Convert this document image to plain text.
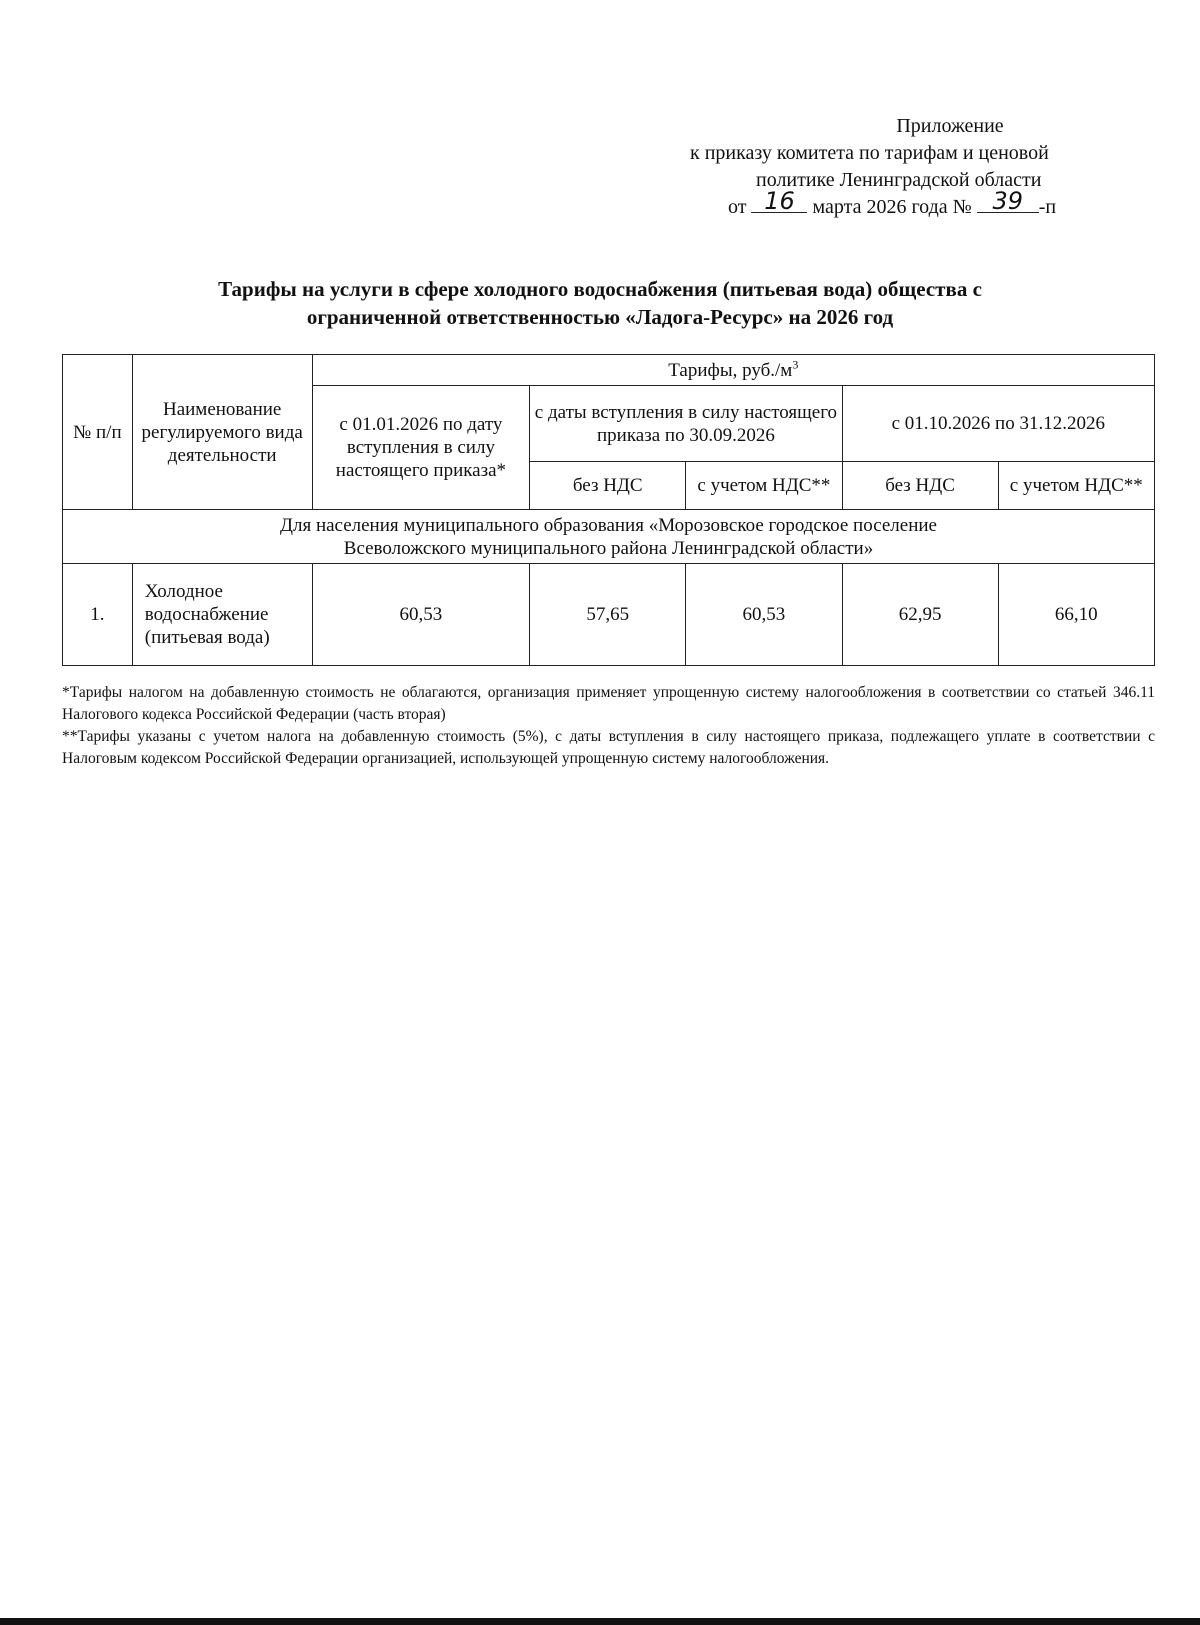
Приложение
к приказу комитета по тарифам и ценовой
политике Ленинградской области
от 16 марта 2026 года № 39 -п
Тарифы на услуги в сфере холодного водоснабжения (питьевая вода) общества с
ограниченной ответственностью «Ладога-Ресурс» на 2026 год
№ п/п	Наименование регулируемого вида деятельности	Тарифы, $руб./м^3$
		с 01.01.2026 по дату вступления в силу настоящего приказа*	с даты вступления в силу настоящего приказа по 30.09.2026		с 01.10.2026 по 31.12.2026	
			без НДС	с учетом НДС**	без НДС	с учетом НДС**

Для населения муниципального образования «Морозовское городское поселение
Всеволожского муниципального района Ленинградской области»						

1.	Холодное водоснабжение (питьевая вода)	60,53	57,65	60,53	62,95	66,10

*Тарифы налогом на добавленную стоимость не облагаются, организация применяет упрощенную систему налогообложения в соответствии со статьей 346.11 Налогового кодекса Российской Федерации (часть вторая)

**Тарифы указаны с учетом налога на добавленную стоимость (5%), с даты вступления в силу настоящего приказа, подлежащего уплате в соответствии с Налоговым кодексом Российской Федерации организацией, использующей упрощенную систему налогообложения.
